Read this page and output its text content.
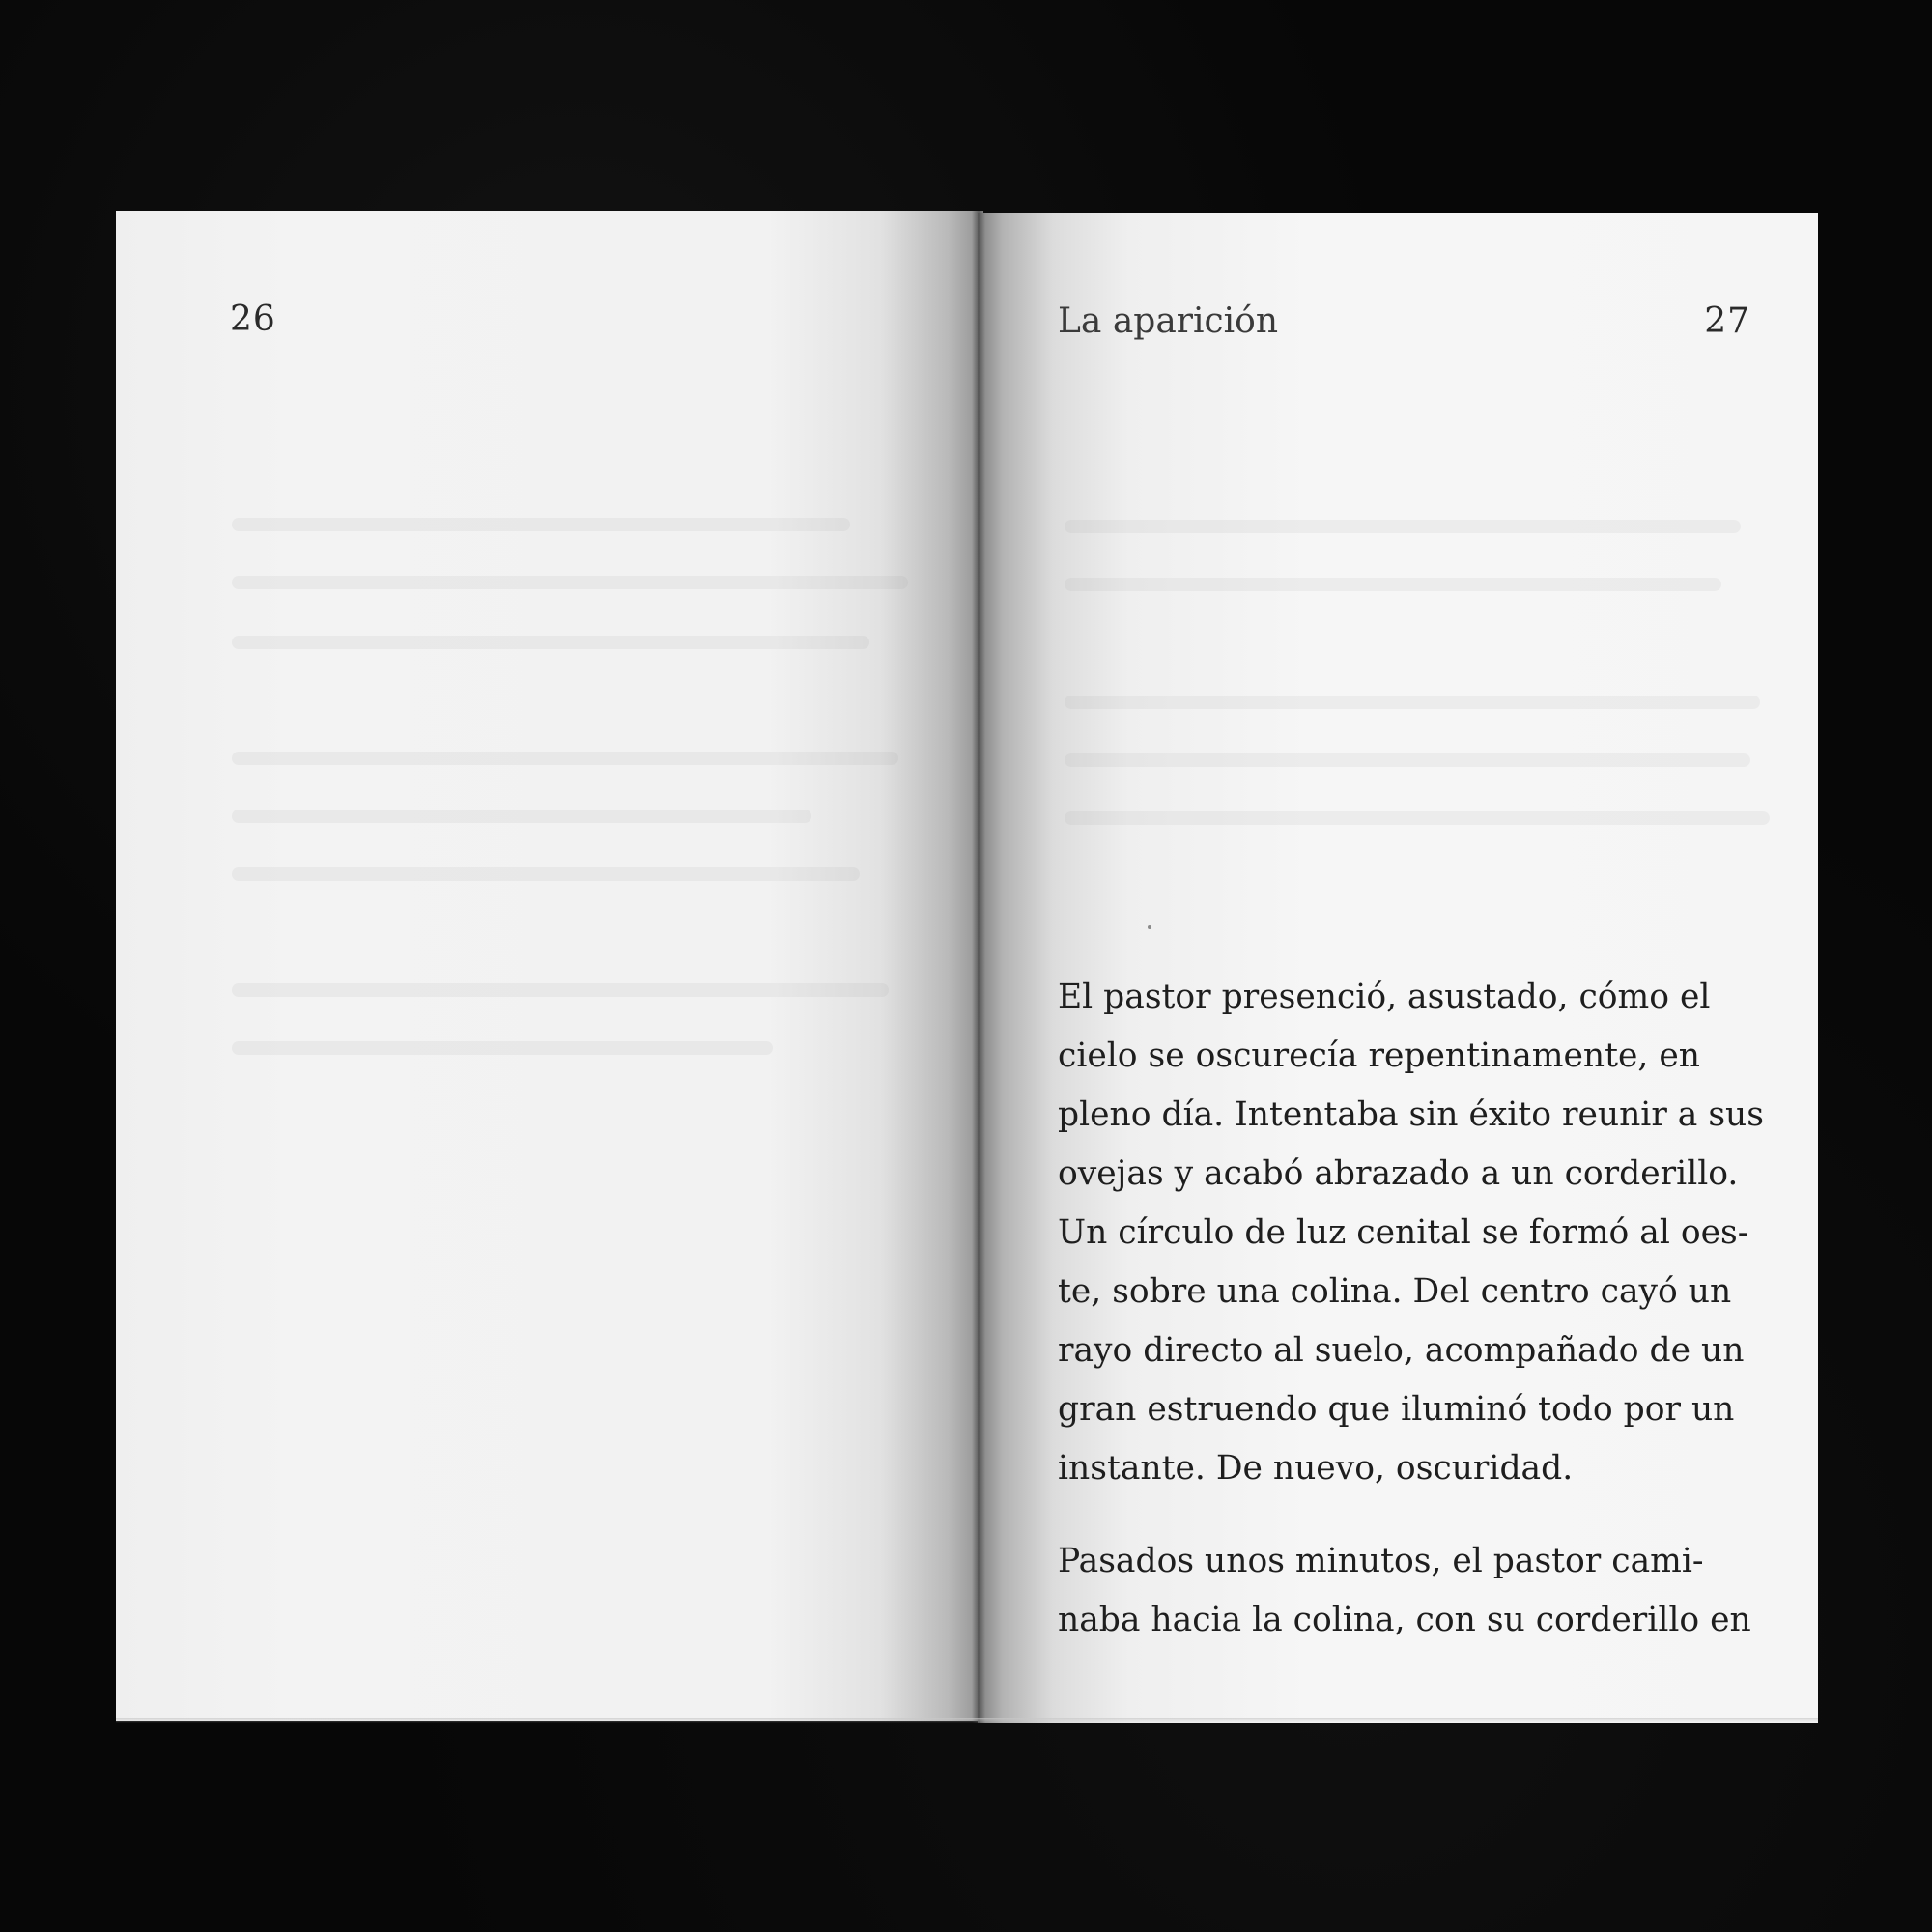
26	La aparición	27
El pastor presenció, asustado, cómo el
cielo se oscurecía repentinamente, en
pleno día. Intentaba sin éxito reunir a sus
ovejas y acabó abrazado a un corderillo.
Un círculo de luz cenital se formó al oes-
te, sobre una colina. Del centro cayó un
rayo directo al suelo, acompañado de un
gran estruendo que iluminó todo por un
instante. De nuevo, oscuridad.
Pasados unos minutos, el pastor cami-
naba hacia la colina, con su corderillo en
